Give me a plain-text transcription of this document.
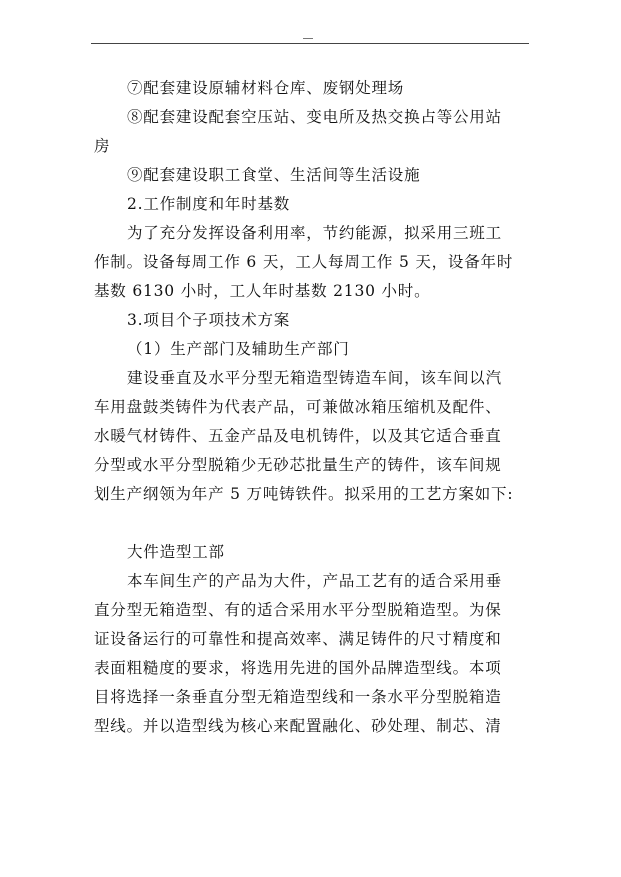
⑦配套建设原辅材料仓库、废钢处理场
⑧配套建设配套空压站、变电所及热交换占等公用站
房
⑨配套建设职工食堂、生活间等生活设施
2.工作制度和年时基数
为了充分发挥设备利用率，节约能源，拟采用三班工
作制。设备每周工作 6 天，工人每周工作 5 天，设备年时
基数 6130 小时，工人年时基数 2130 小时。
3.项目个子项技术方案
（1）生产部门及辅助生产部门
建设垂直及水平分型无箱造型铸造车间，该车间以汽
车用盘鼓类铸件为代表产品，可兼做冰箱压缩机及配件、
水暖气材铸件、五金产品及电机铸件，以及其它适合垂直
分型或水平分型脱箱少无砂芯批量生产的铸件，该车间规
划生产纲领为年产 5 万吨铸铁件。拟采用的工艺方案如下:
大件造型工部
本车间生产的产品为大件，产品工艺有的适合采用垂
直分型无箱造型、有的适合采用水平分型脱箱造型。为保
证设备运行的可靠性和提高效率、满足铸件的尺寸精度和
表面粗糙度的要求，将选用先进的国外品牌造型线。本项
目将选择一条垂直分型无箱造型线和一条水平分型脱箱造
型线。并以造型线为核心来配置融化、砂处理、制芯、清
